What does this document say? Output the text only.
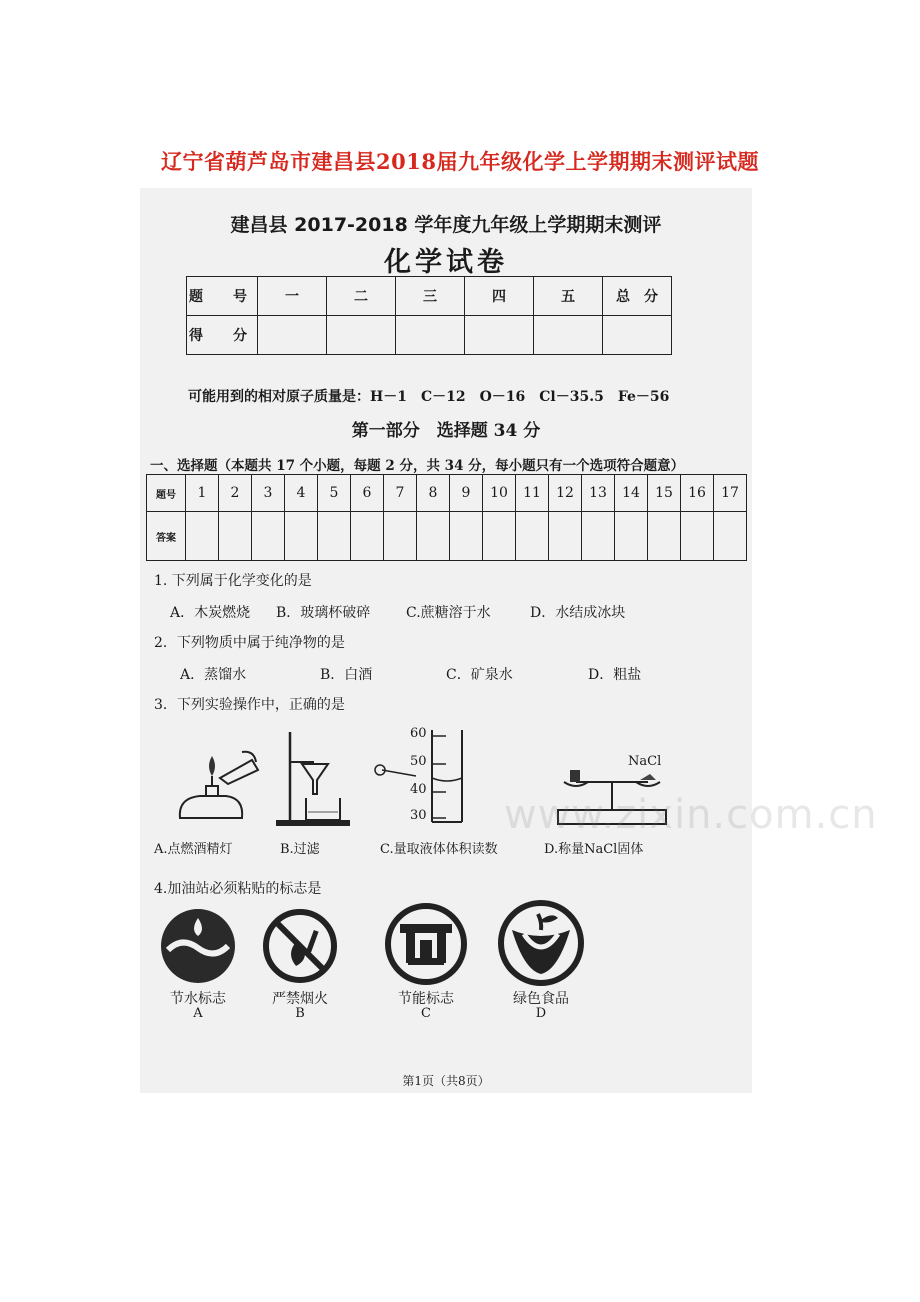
辽宁省葫芦岛市建昌县2018届九年级化学上学期期末测评试题
建昌县 2017-2018 学年度九年级上学期期末测评
化学试卷
题　号	一	二	三	四	五	总　分
得　分						
可能用到的相对原子质量是：H－1　C－12　O－16　Cl－35.5　Fe－56
第一部分　选择题 34 分
一、选择题（本题共 17 个小题，每题 2 分，共 34 分，每小题只有一个选项符合题意）
题号	1	2	3	4	5	6	7	8	9	10	11	12	13	14	15	16	17
答案																	
1. 下列属于化学变化的是
A．木炭燃烧 B．玻璃杯破碎	C.蔗糖溶于水	D．水结成冰块
2．下列物质中属于纯净物的是
A．蒸馏水	B．白酒	C．矿泉水	D．粗盐
3．下列实验操作中，正确的是
A.点燃酒精灯	B.过滤
60
50
40
30
C.量取液体体积读数
NaCl
D.称量NaCl固体
4.加油站必须粘贴的标志是
节水标志
A
严禁烟火
B
节能标志
C
绿色食品
D
www.zixin.com.cn
第1页（共8页）
